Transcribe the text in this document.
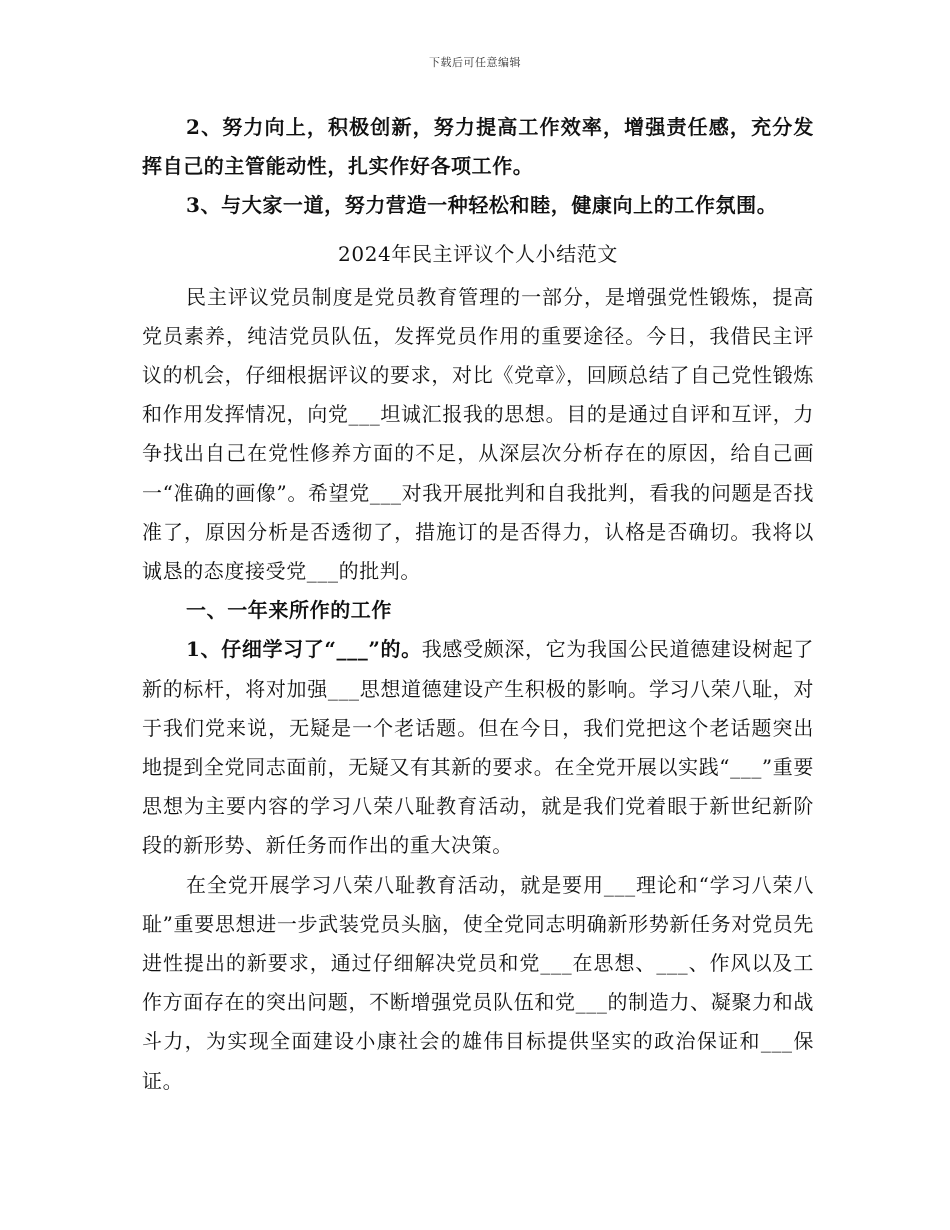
下载后可任意编辑

2、努力向上，积极创新，努力提高工作效率，增强责任感，充分发挥自己的主管能动性，扎实作好各项工作。

3、与大家一道，努力营造一种轻松和睦，健康向上的工作氛围。

2024年民主评议个人小结范文

民主评议党员制度是党员教育管理的一部分，是增强党性锻炼，提高党员素养，纯洁党员队伍，发挥党员作用的重要途径。今日，我借民主评议的机会，仔细根据评议的要求，对比《党章》，回顾总结了自己党性锻炼和作用发挥情况，向党___坦诚汇报我的思想。目的是通过自评和互评，力争找出自己在党性修养方面的不足，从深层次分析存在的原因，给自己画一“准确的画像”。希望党___对我开展批判和自我批判，看我的问题是否找准了，原因分析是否透彻了，措施订的是否得力，认格是否确切。我将以诚恳的态度接受党___的批判。

一、一年来所作的工作

1、仔细学习了“___”的。我感受颇深，它为我国公民道德建设树起了新的标杆，将对加强___思想道德建设产生积极的影响。学习八荣八耻，对于我们党来说，无疑是一个老话题。但在今日，我们党把这个老话题突出地提到全党同志面前，无疑又有其新的要求。在全党开展以实践“___”重要思想为主要内容的学习八荣八耻教育活动，就是我们党着眼于新世纪新阶段的新形势、新任务而作出的重大决策。

在全党开展学习八荣八耻教育活动，就是要用___理论和“学习八荣八耻”重要思想进一步武装党员头脑，使全党同志明确新形势新任务对党员先进性提出的新要求，通过仔细解决党员和党___在思想、___、作风以及工作方面存在的突出问题，不断增强党员队伍和党___的制造力、凝聚力和战斗力，为实现全面建设小康社会的雄伟目标提供坚实的政治保证和___保证。
